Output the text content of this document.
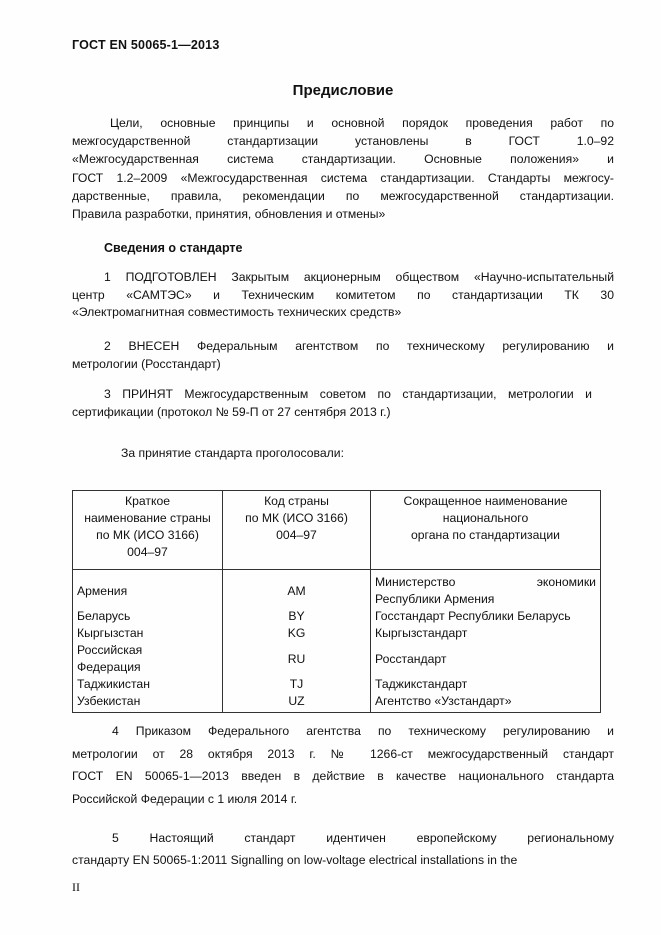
ГОСТ EN 50065-1—2013
Предисловие
Цели, основные принципы и основной порядок проведения работ по
межгосударственной стандартизации установлены в ГОСТ 1.0–92
«Межгосударственная система стандартизации. Основные положения» и
ГОСТ 1.2–2009 «Межгосударственная система стандартизации. Стандарты межгосу-
дарственные, правила, рекомендации по межгосударственной стандартизации.
Правила разработки, принятия, обновления и отмены»
Сведения о стандарте
1 ПОДГОТОВЛЕН Закрытым акционерным обществом «Научно-испытательный
центр «САМТЭС» и Техническим комитетом по стандартизации ТК 30
«Электромагнитная совместимость технических средств»
2 ВНЕСЕН Федеральным агентством по техническому регулированию и
метрологии (Росстандарт)
3 ПРИНЯТ Межгосударственным советом по стандартизации, метрологии и
сертификации (протокол № 59-П от 27 сентября 2013 г.)
За принятие стандарта проголосовали:
Краткое
наименование страны
по МК (ИСО 3166)
004–97	Код страны
по МК (ИСО 3166)
004–97	Сокращенное наименование
национального
органа по стандартизации
Армения	AM	Министерство экономики
Республики Армения

Беларусь	BY	Госстандарт Республики Беларусь

Кыргызстан	KG	Кыргызстандарт

Российская
Федерация	RU	Росстандарт

Таджикистан	TJ	Таджикстандарт

Узбекистан	UZ	Агентство «Узстандарт»
4 Приказом Федерального агентства по техническому регулированию и
метрологии от 28 октября 2013 г. № 1266-ст межгосударственный стандарт
ГОСТ EN 50065-1—2013 введен в действие в качестве национального стандарта
Российской Федерации с 1 июля 2014 г.
5 Настоящий стандарт идентичен европейскому региональному
стандарту EN 50065-1:2011 Signalling on low-voltage electrical installations in the
II
